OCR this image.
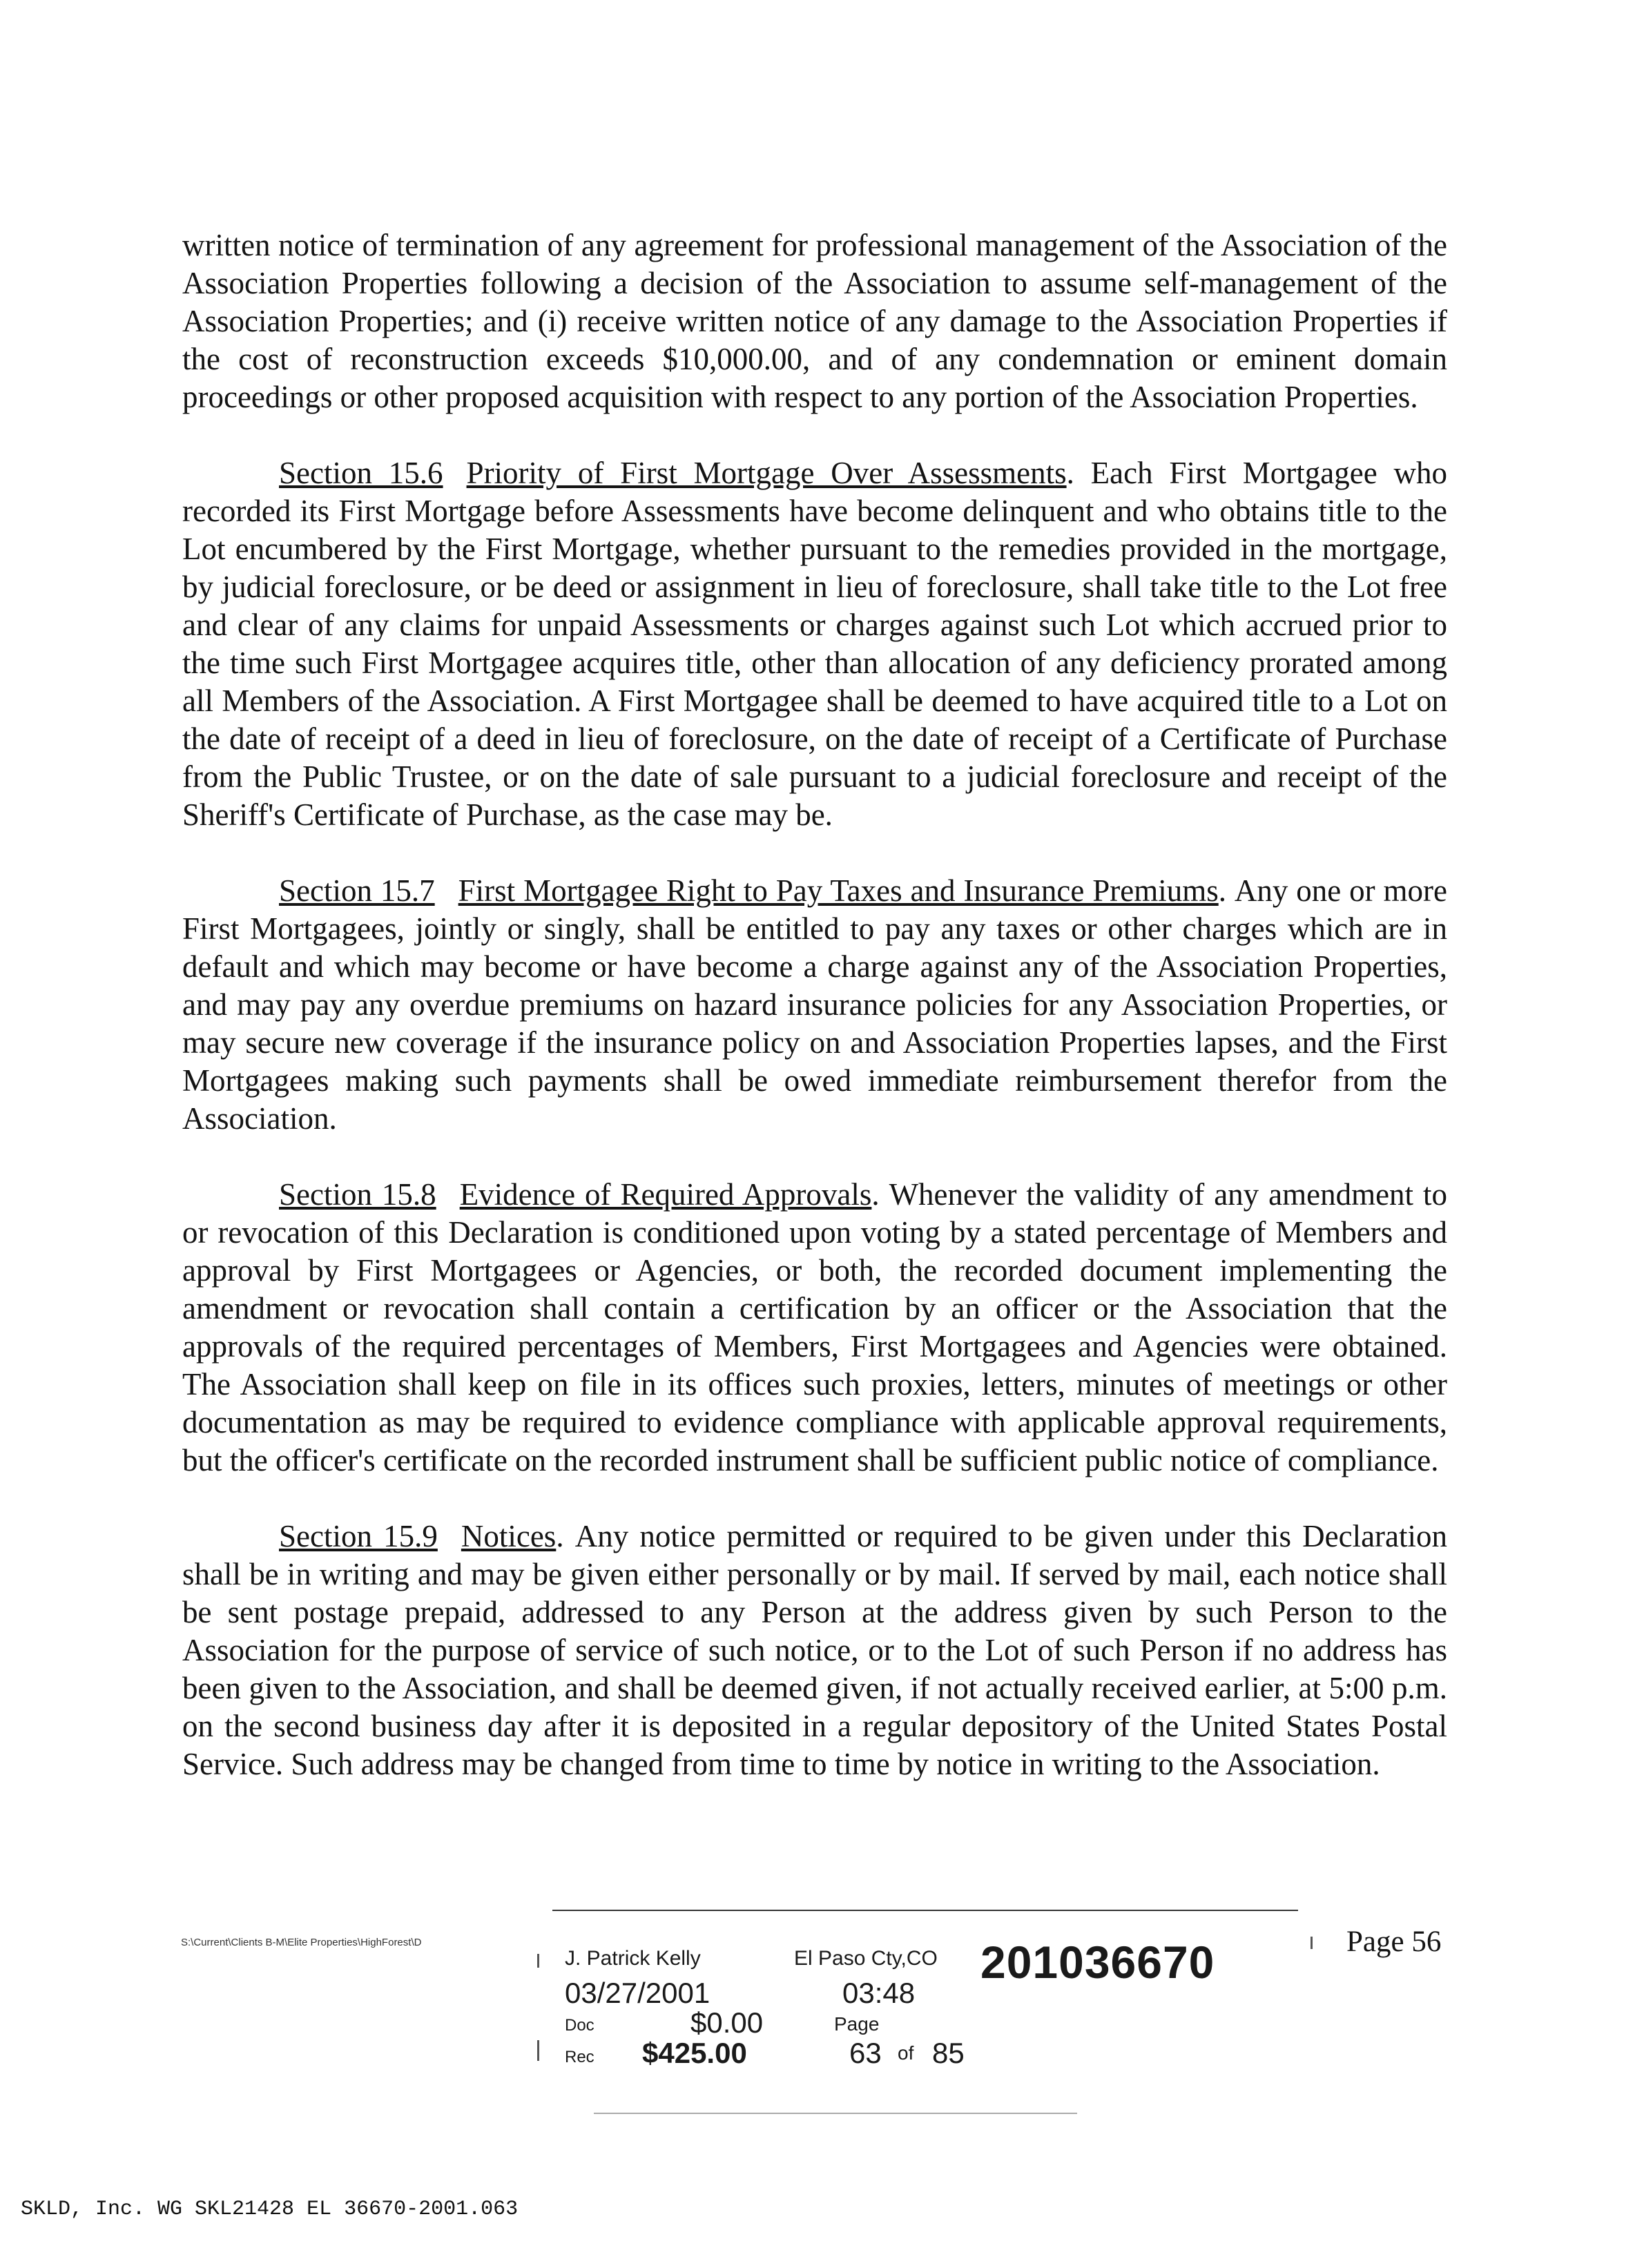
written notice of termination of any agreement for professional management of the Association of the Association Properties following a decision of the Association to assume self-management of the Association Properties; and (i) receive written notice of any damage to the Association Properties if the cost of reconstruction exceeds $10,000.00, and of any condemnation or eminent domain proceedings or other proposed acquisition with respect to any portion of the Association Properties.

Section 15.6 Priority of First Mortgage Over Assessments. Each First Mortgagee who recorded its First Mortgage before Assessments have become delinquent and who obtains title to the Lot encumbered by the First Mortgage, whether pursuant to the remedies provided in the mortgage, by judicial foreclosure, or be deed or assignment in lieu of foreclosure, shall take title to the Lot free and clear of any claims for unpaid Assessments or charges against such Lot which accrued prior to the time such First Mortgagee acquires title, other than allocation of any deficiency prorated among all Members of the Association. A First Mortgagee shall be deemed to have acquired title to a Lot on the date of receipt of a deed in lieu of foreclosure, on the date of receipt of a Certificate of Purchase from the Public Trustee, or on the date of sale pursuant to a judicial foreclosure and receipt of the Sheriff's Certificate of Purchase, as the case may be.

Section 15.7 First Mortgagee Right to Pay Taxes and Insurance Premiums. Any one or more First Mortgagees, jointly or singly, shall be entitled to pay any taxes or other charges which are in default and which may become or have become a charge against any of the Association Properties, and may pay any overdue premiums on hazard insurance policies for any Association Properties, or may secure new coverage if the insurance policy on and Association Properties lapses, and the First Mortgagees making such payments shall be owed immediate reimbursement therefor from the Association.

Section 15.8 Evidence of Required Approvals. Whenever the validity of any amendment to or revocation of this Declaration is conditioned upon voting by a stated percentage of Members and approval by First Mortgagees or Agencies, or both, the recorded document implementing the amendment or revocation shall contain a certification by an officer or the Association that the approvals of the required percentages of Members, First Mortgagees and Agencies were obtained. The Association shall keep on file in its offices such proxies, letters, minutes of meetings or other documentation as may be required to evidence compliance with applicable approval requirements, but the officer's certificate on the recorded instrument shall be sufficient public notice of compliance.

Section 15.9 Notices. Any notice permitted or required to be given under this Declaration shall be in writing and may be given either personally or by mail. If served by mail, each notice shall be sent postage prepaid, addressed to any Person at the address given by such Person to the Association for the purpose of service of such notice, or to the Lot of such Person if no address has been given to the Association, and shall be deemed given, if not actually received earlier, at 5:00 p.m. on the second business day after it is deposited in a regular depository of the United States Postal Service. Such address may be changed from time to time by notice in writing to the Association.

S:\Current\Clients B-M\Elite Properties\HighForest\D	Page 56
J. Patrick Kelly	El Paso Cty,CO 201036670
03/27/2001	03:48
Doc	$0.00	Page
Rec $425.00	63 of 85
SKLD, Inc. WG SKL21428 EL 36670-2001.063
